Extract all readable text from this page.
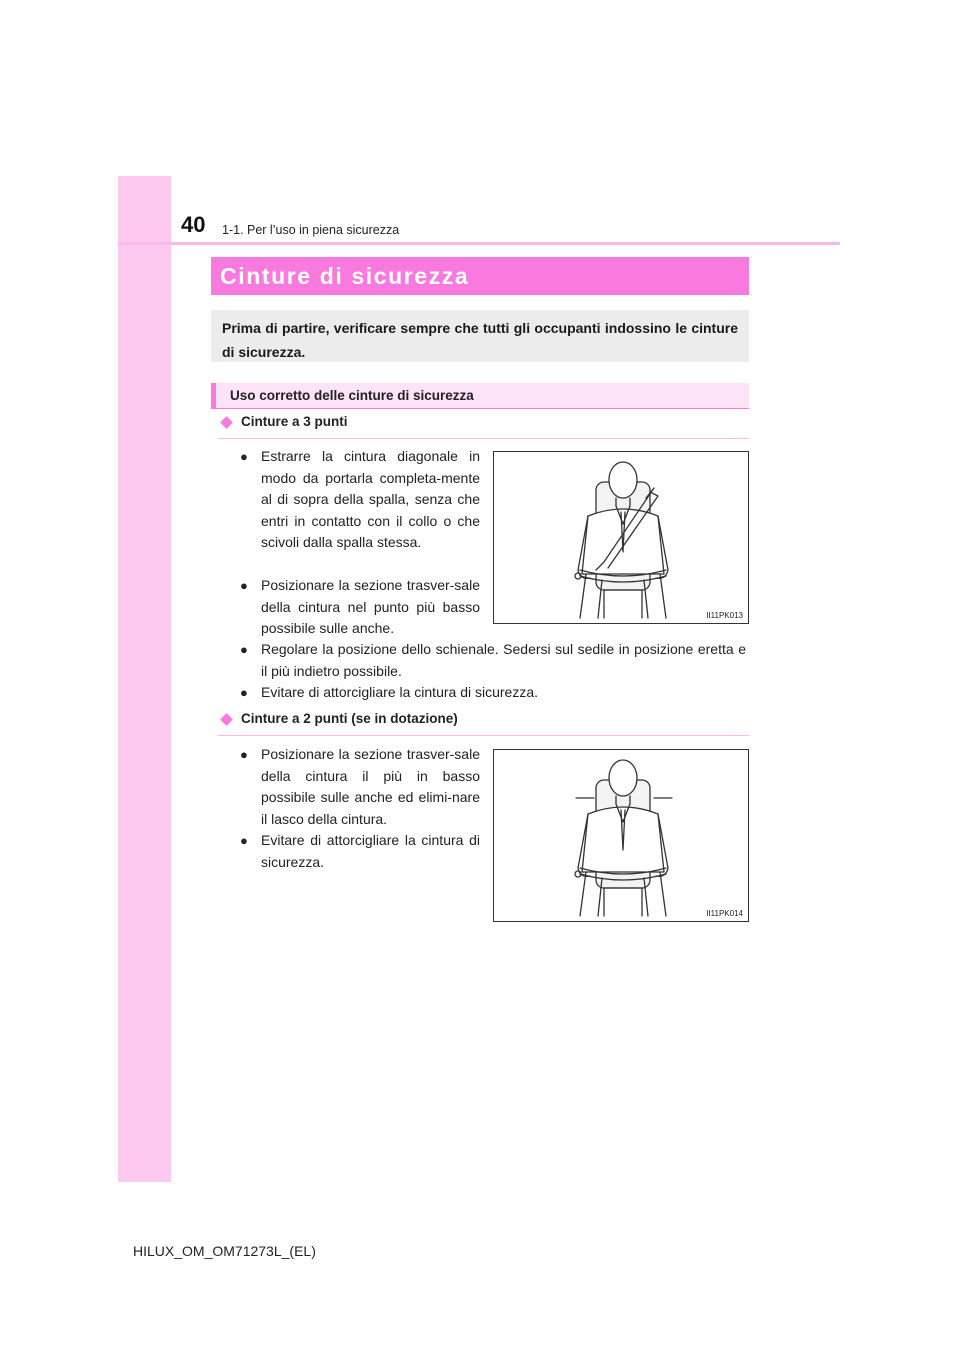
40 1-1. Per l’uso in piena sicurezza
Cinture di sicurezza
Prima di partire, verificare sempre che tutti gli occupanti indossino le cinture di sicurezza.
Uso corretto delle cinture di sicurezza
Cinture a 3 punti
● Estrarre la cintura diagonale in modo da portarla completa-mente al di sopra della spalla, senza che entri in contatto con il collo o che scivoli dalla spalla stessa.
● Posizionare la sezione trasver-sale della cintura nel punto più basso possibile sulle anche.
● Regolare la posizione dello schienale. Sedersi sul sedile in posizione eretta e il più indietro possibile.
● Evitare di attorcigliare la cintura di sicurezza.
II11PK013
Cinture a 2 punti (se in dotazione)
● Posizionare la sezione trasver-sale della cintura il più in basso possibile sulle anche ed elimi-nare il lasco della cintura.
● Evitare di attorcigliare la cintura di sicurezza.
II11PK014
HILUX_OM_OM71273L_(EL)
